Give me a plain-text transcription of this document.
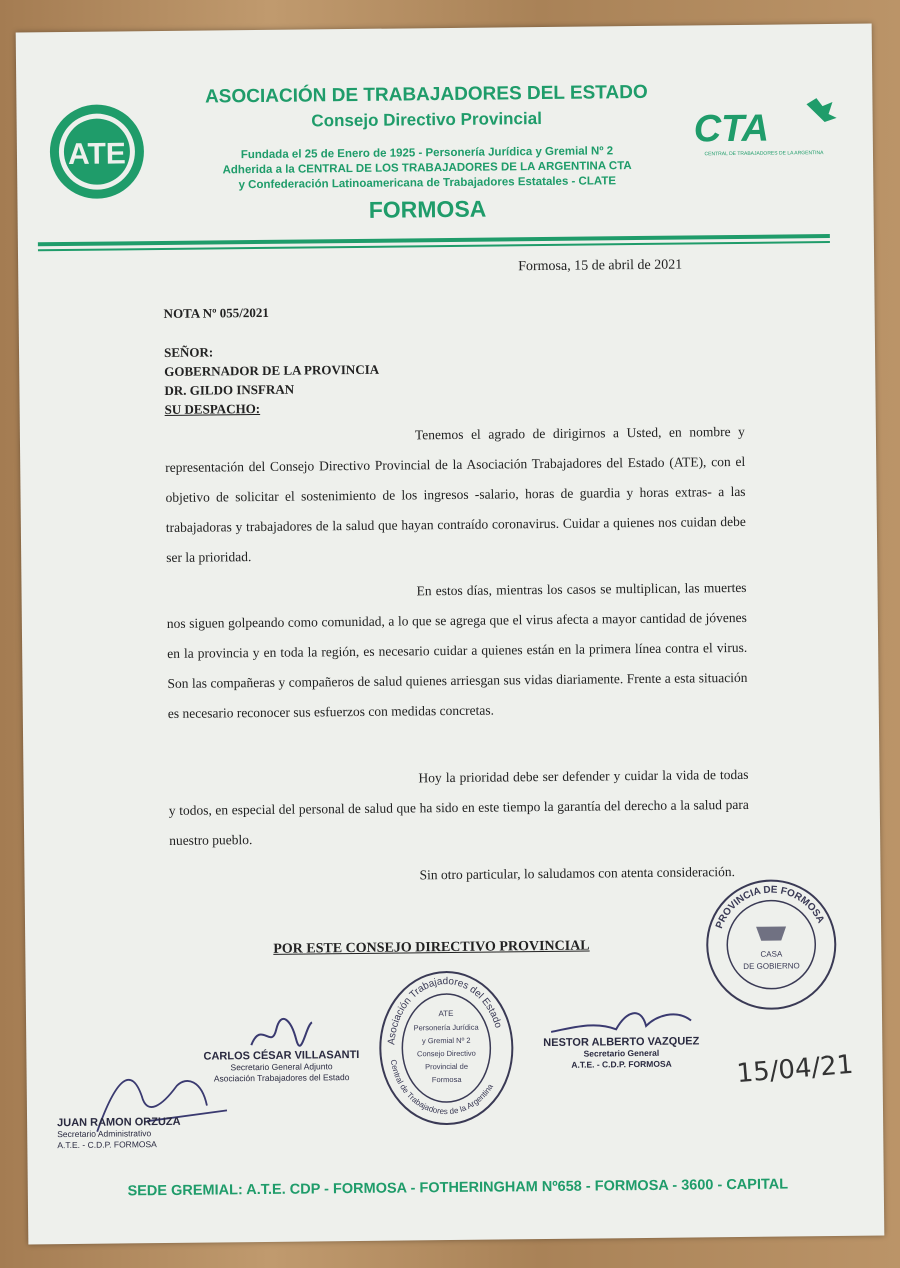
ATE
CTA
CENTRAL DE TRABAJADORES DE LA ARGENTINA
ASOCIACIÓN DE TRABAJADORES DEL ESTADO
Consejo Directivo Provincial
Fundada el 25 de Enero de 1925 - Personería Jurídica y Gremial Nº 2
Adherida a la CENTRAL DE LOS TRABAJADORES DE LA ARGENTINA CTA
y Confederación Latinoamericana de Trabajadores Estatales - CLATE
FORMOSA
Formosa, 15 de abril de 2021
NOTA Nº 055/2021
SEÑOR:
GOBERNADOR DE LA PROVINCIA
DR. GILDO INSFRAN
SU DESPACHO:
Tenemos el agrado de dirigirnos a Usted, en nombre y representación del Consejo Directivo Provincial de la Asociación Trabajadores del Estado (ATE), con el objetivo de solicitar el sostenimiento de los ingresos -salario, horas de guardia y horas extras- a las trabajadoras y trabajadores de la salud que hayan contraído coronavirus. Cuidar a quienes nos cuidan debe ser la prioridad.
En estos días, mientras los casos se multiplican, las muertes nos siguen golpeando como comunidad, a lo que se agrega que el virus afecta a mayor cantidad de jóvenes en la provincia y en toda la región, es necesario cuidar a quienes están en la primera línea contra el virus. Son las compañeras y compañeros de salud quienes arriesgan sus vidas diariamente. Frente a esta situación es necesario reconocer sus esfuerzos con medidas concretas.
Hoy la prioridad debe ser defender y cuidar la vida de todas y todos, en especial del personal de salud que ha sido en este tiempo la garantía del derecho a la salud para nuestro pueblo.
Sin otro particular, lo saludamos con atenta consideración.
POR ESTE CONSEJO DIRECTIVO PROVINCIAL
PROVINCIA DE FORMOSA
CASA
DE GOBIERNO
15/04/21
Asociación Trabajadores del Estado
Central de Trabajadores de la Argentina
ATE
Personería Jurídica
y Gremial Nº 2
Consejo Directivo
Provincial de
Formosa
CARLOS CÉSAR VILLASANTI
Secretario General Adjunto
Asociación Trabajadores del Estado
NESTOR ALBERTO VAZQUEZ
Secretario General
A.T.E. - C.D.P. FORMOSA
JUAN RAMON ORZUZA
Secretario Administrativo
A.T.E. - C.D.P. FORMOSA
SEDE GREMIAL: A.T.E. CDP - FORMOSA - FOTHERINGHAM Nº658 - FORMOSA - 3600 - CAPITAL
